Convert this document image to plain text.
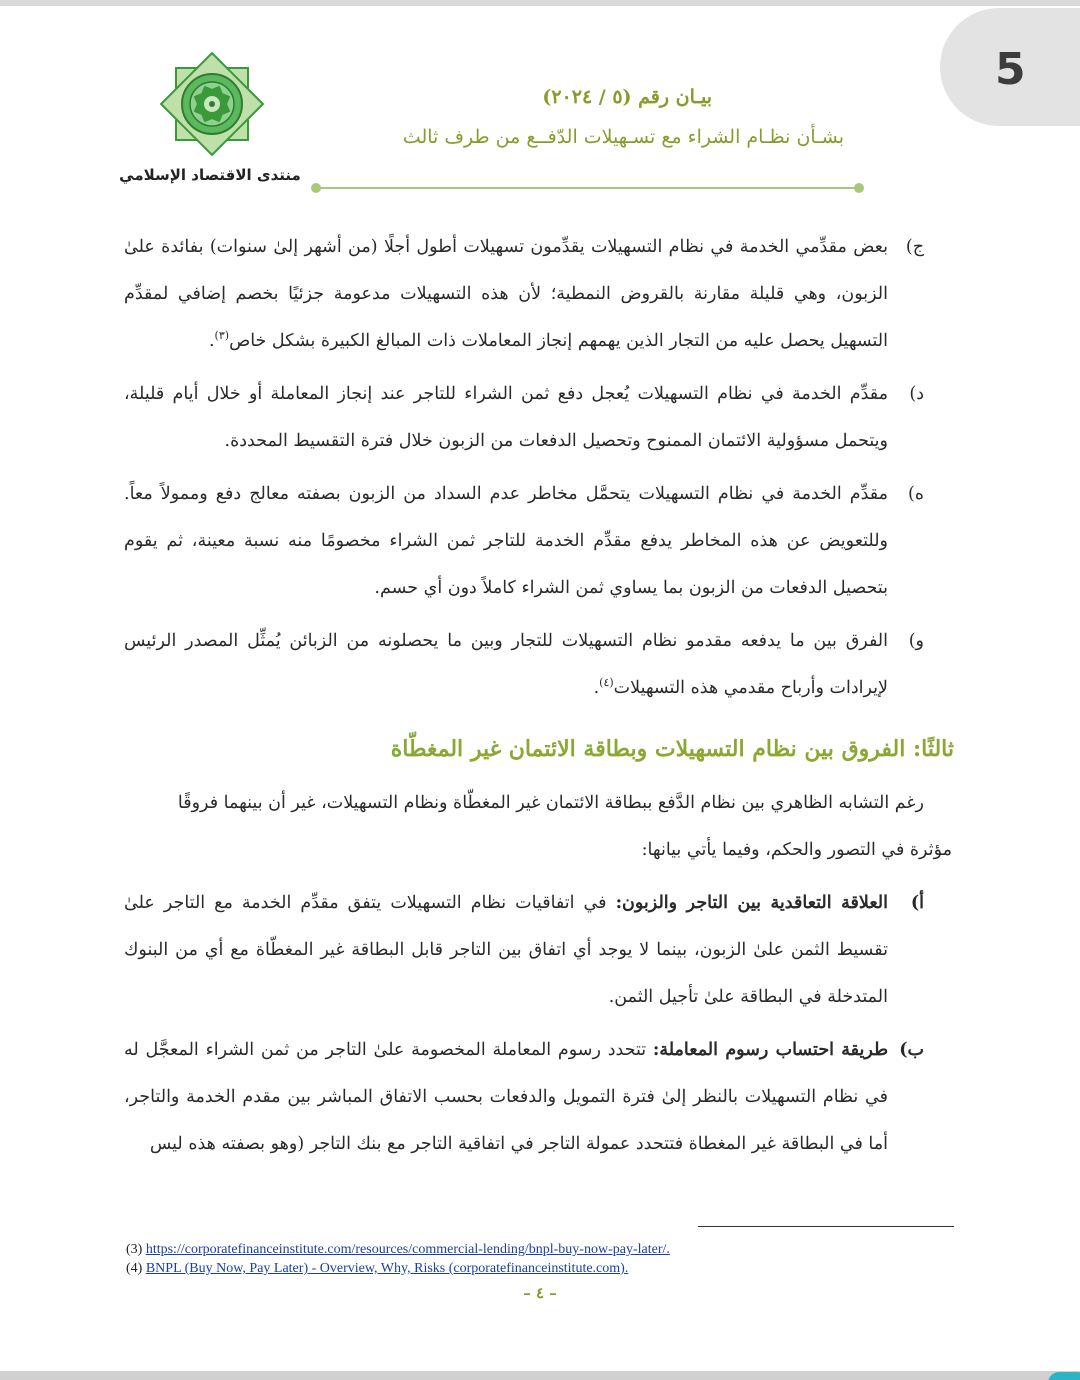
5
منتدى الاقتصاد الإسلامي
بيـان رقم (٥ / ٢٠٢٤)
بشـأن نظـام الشراء مع تسـهيلات الدّفــع من طرف ثالث
ج)

بعض مقدِّمي الخدمة في نظام التسهيلات يقدِّمون تسهيلات أطول أجلًا (من أشهر إلىٰ سنوات) بفائدة علىٰ الزبون، وهي قليلة مقارنة بالقروض النمطية؛ لأن هذه التسهيلات مدعومة جزئيًا بخصم إضافي لمقدِّم التسهيل يحصل عليه من التجار الذين يهمهم إنجاز المعاملات ذات المبالغ الكبيرة بشكل خاص$^{(٣)}$.

د)

مقدِّم الخدمة في نظام التسهيلات يُعجل دفع ثمن الشراء للتاجر عند إنجاز المعاملة أو خلال أيام قليلة، ويتحمل مسؤولية الائتمان الممنوح وتحصيل الدفعات من الزبون خلال فترة التقسيط المحددة.

ه)

مقدِّم الخدمة في نظام التسهيلات يتحمَّل مخاطر عدم السداد من الزبون بصفته معالج دفع وممولاً معاً. وللتعويض عن هذه المخاطر يدفع مقدِّم الخدمة للتاجر ثمن الشراء مخصومًا منه نسبة معينة، ثم يقوم بتحصيل الدفعات من الزبون بما يساوي ثمن الشراء كاملاً دون أي حسم.

و)

الفرق بين ما يدفعه مقدمو نظام التسهيلات للتجار وبين ما يحصلونه من الزبائن يُمثِّل المصدر الرئيس لإيرادات وأرباح مقدمي هذه التسهيلات$^{(٤)}$.

ثالثًا: الفروق بين نظام التسهيلات وبطاقة الائتمان غير المغطّاة

رغم التشابه الظاهري بين نظام الدَّفع ببطاقة الائتمان غير المغطّاة ونظام التسهيلات، غير أن بينهما فروقًا

مؤثرة في التصور والحكم، وفيما يأتي بيانها:

أ)

العلاقة التعاقدية بين التاجر والزبون: في اتفاقيات نظام التسهيلات يتفق مقدِّم الخدمة مع التاجر علىٰ تقسيط الثمن علىٰ الزبون، بينما لا يوجد أي اتفاق بين التاجر قابل البطاقة غير المغطّاة مع أي من البنوك المتدخلة في البطاقة علىٰ تأجيل الثمن.

ب)

طريقة احتساب رسوم المعاملة: تتحدد رسوم المعاملة المخصومة علىٰ التاجر من ثمن الشراء المعجَّل له في نظام التسهيلات بالنظر إلىٰ فترة التمويل والدفعات بحسب الاتفاق المباشر بين مقدم الخدمة والتاجر، أما في البطاقة غير المغطاة فتتحدد عمولة التاجر في اتفاقية التاجر مع بنك التاجر (وهو بصفته هذه ليس

(3) https://corporatefinanceinstitute.com/resources/commercial-lending/bnpl-buy-now-pay-later/.
(4) BNPL (Buy Now, Pay Later) - Overview, Why, Risks (corporatefinanceinstitute.com).
– ٤ –
